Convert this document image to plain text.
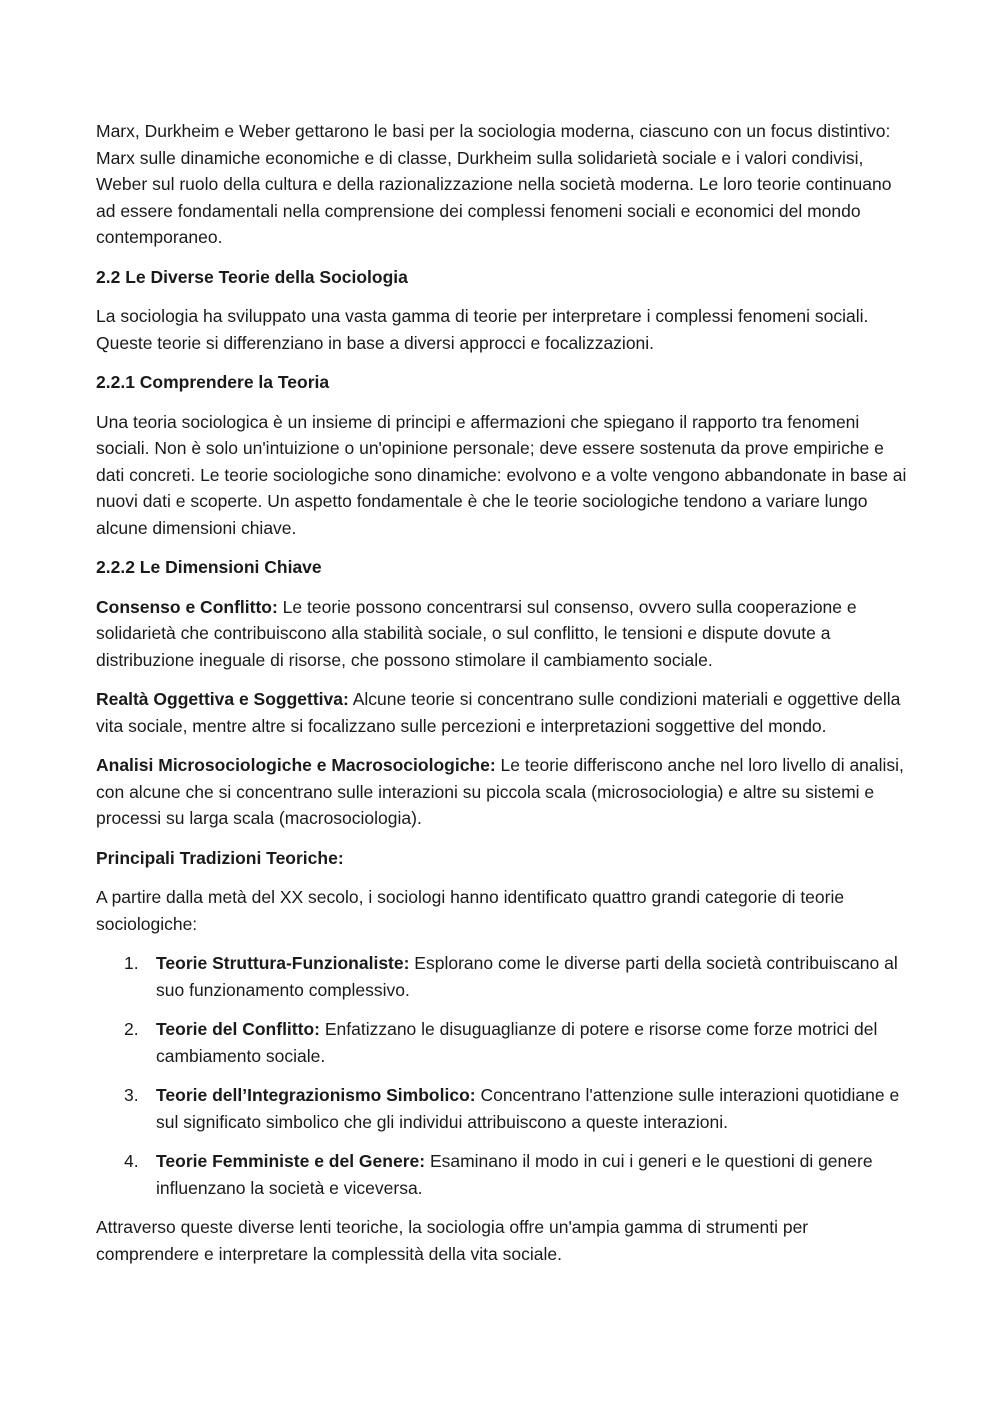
Marx, Durkheim e Weber gettarono le basi per la sociologia moderna, ciascuno con un focus distintivo: Marx sulle dinamiche economiche e di classe, Durkheim sulla solidarietà sociale e i valori condivisi, Weber sul ruolo della cultura e della razionalizzazione nella società moderna. Le loro teorie continuano ad essere fondamentali nella comprensione dei complessi fenomeni sociali e economici del mondo contemporaneo.

2.2 Le Diverse Teorie della Sociologia

La sociologia ha sviluppato una vasta gamma di teorie per interpretare i complessi fenomeni sociali. Queste teorie si differenziano in base a diversi approcci e focalizzazioni.

2.2.1 Comprendere la Teoria

Una teoria sociologica è un insieme di principi e affermazioni che spiegano il rapporto tra fenomeni sociali. Non è solo un'intuizione o un'opinione personale; deve essere sostenuta da prove empiriche e dati concreti. Le teorie sociologiche sono dinamiche: evolvono e a volte vengono abbandonate in base ai nuovi dati e scoperte. Un aspetto fondamentale è che le teorie sociologiche tendono a variare lungo alcune dimensioni chiave.

2.2.2 Le Dimensioni Chiave

Consenso e Conflitto: Le teorie possono concentrarsi sul consenso, ovvero sulla cooperazione e solidarietà che contribuiscono alla stabilità sociale, o sul conflitto, le tensioni e dispute dovute a distribuzione ineguale di risorse, che possono stimolare il cambiamento sociale.

Realtà Oggettiva e Soggettiva: Alcune teorie si concentrano sulle condizioni materiali e oggettive della vita sociale, mentre altre si focalizzano sulle percezioni e interpretazioni soggettive del mondo.

Analisi Microsociologiche e Macrosociologiche: Le teorie differiscono anche nel loro livello di analisi, con alcune che si concentrano sulle interazioni su piccola scala (microsociologia) e altre su sistemi e processi su larga scala (macrosociologia).

Principali Tradizioni Teoriche:

A partire dalla metà del XX secolo, i sociologi hanno identificato quattro grandi categorie di teorie sociologiche:

1. Teorie Struttura-Funzionaliste: Esplorano come le diverse parti della società contribuiscano al suo funzionamento complessivo.
2. Teorie del Conflitto: Enfatizzano le disuguaglianze di potere e risorse come forze motrici del cambiamento sociale.
3. Teorie dell’Integrazionismo Simbolico: Concentrano l'attenzione sulle interazioni quotidiane e sul significato simbolico che gli individui attribuiscono a queste interazioni.
4. Teorie Femministe e del Genere: Esaminano il modo in cui i generi e le questioni di genere influenzano la società e viceversa.

Attraverso queste diverse lenti teoriche, la sociologia offre un'ampia gamma di strumenti per comprendere e interpretare la complessità della vita sociale.
